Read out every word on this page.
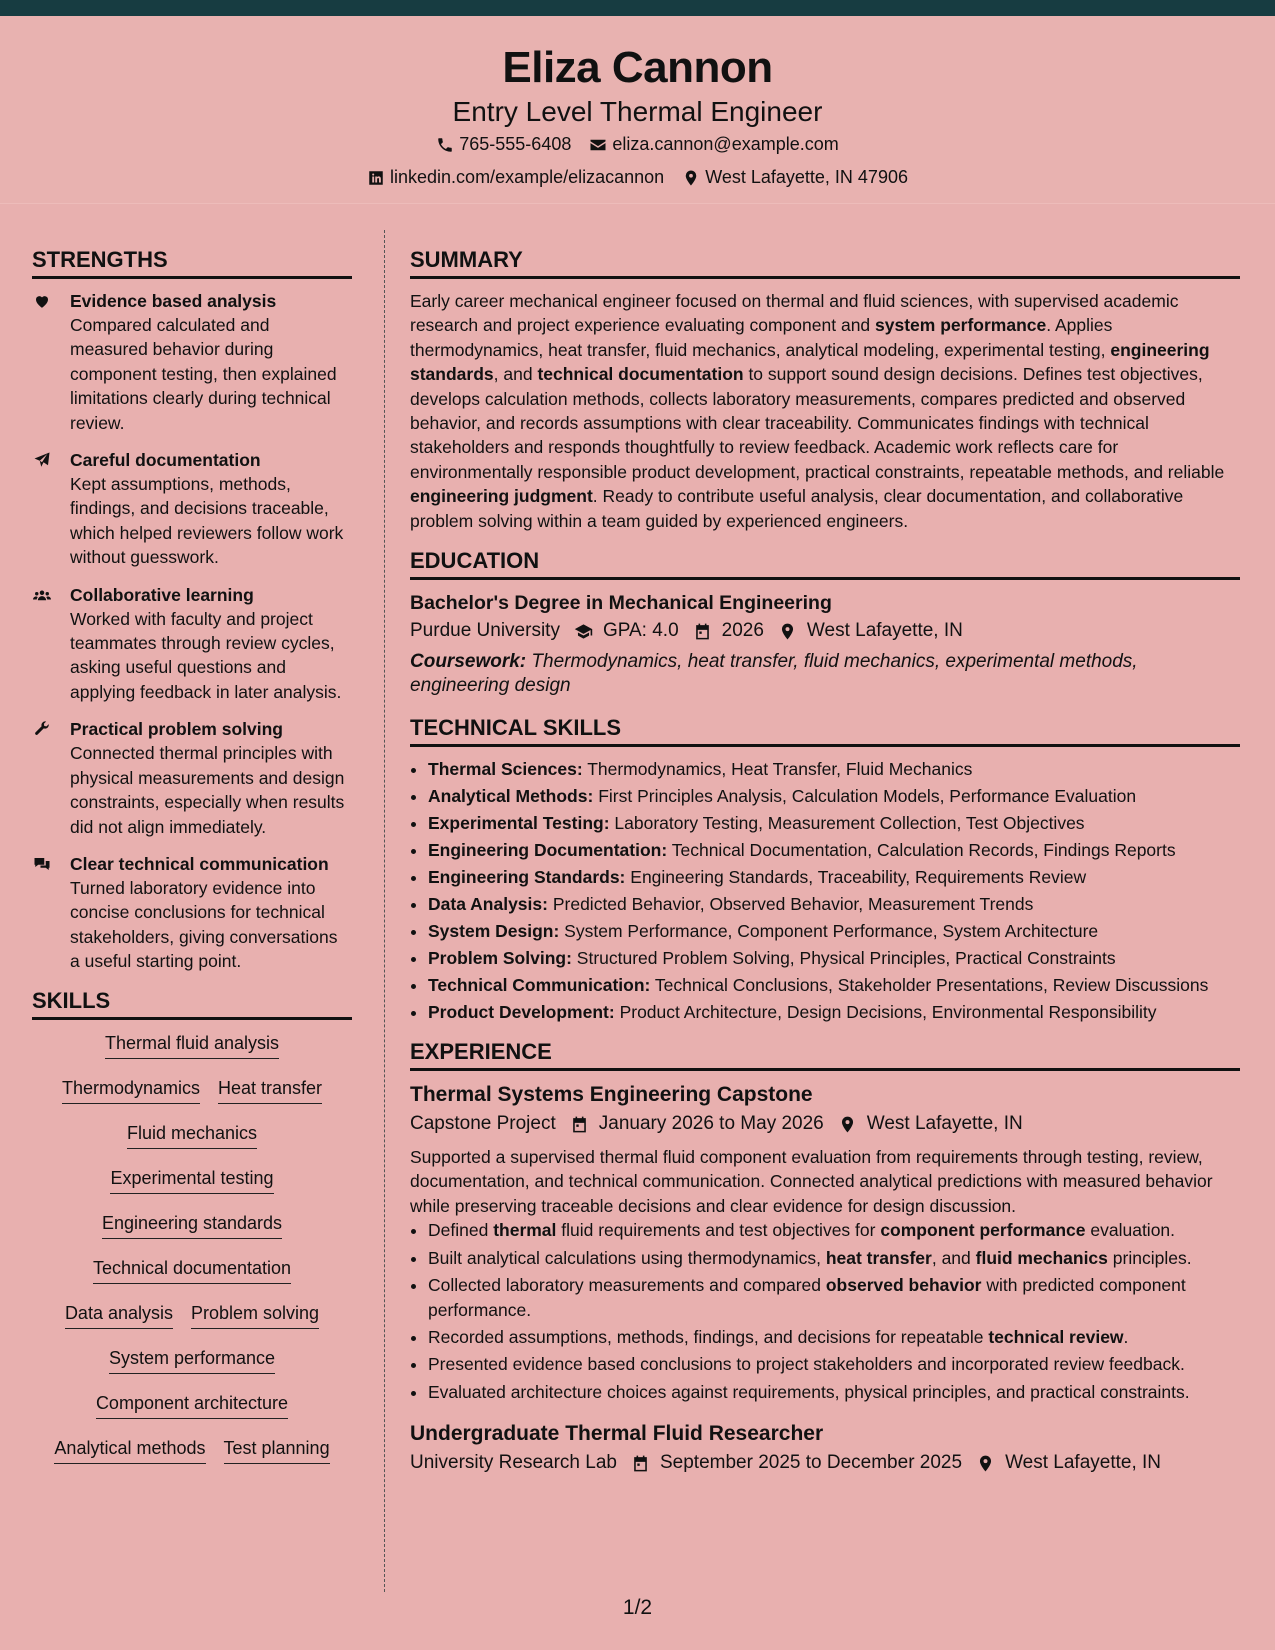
Eliza Cannon
Entry Level Thermal Engineer
765-555-6408 eliza.cannon@example.com
linkedin.com/example/elizacannon West Lafayette, IN 47906
STRENGTHS
Evidence based analysis
Compared calculated and measured behavior during component testing, then explained limitations clearly during technical review.
Careful documentation
Kept assumptions, methods, findings, and decisions traceable, which helped reviewers follow work without guesswork.
Collaborative learning
Worked with faculty and project teammates through review cycles, asking useful questions and applying feedback in later analysis.
Practical problem solving
Connected thermal principles with physical measurements and design constraints, especially when results did not align immediately.
Clear technical communication
Turned laboratory evidence into concise conclusions for technical stakeholders, giving conversations a useful starting point.
SKILLS
Thermal fluid analysis
Thermodynamics Heat transfer
Fluid mechanics
Experimental testing
Engineering standards
Technical documentation
Data analysis Problem solving
System performance
Component architecture
Analytical methods Test planning
SUMMARY

Early career mechanical engineer focused on thermal and fluid sciences, with supervised academic research and project experience evaluating component and system performance. Applies thermodynamics, heat transfer, fluid mechanics, analytical modeling, experimental testing, engineering standards, and technical documentation to support sound design decisions. Defines test objectives, develops calculation methods, collects laboratory measurements, compares predicted and observed behavior, and records assumptions with clear traceability. Communicates findings with technical stakeholders and responds thoughtfully to review feedback. Academic work reflects care for environmentally responsible product development, practical constraints, repeatable methods, and reliable engineering judgment. Ready to contribute useful analysis, clear documentation, and collaborative problem solving within a team guided by experienced engineers.

EDUCATION
Bachelor's Degree in Mechanical Engineering
Purdue University GPA: 4.0 2026 West Lafayette, IN
Coursework: Thermodynamics, heat transfer, fluid mechanics, experimental methods, engineering design
TECHNICAL SKILLS
• Thermal Sciences: Thermodynamics, Heat Transfer, Fluid Mechanics
• Analytical Methods: First Principles Analysis, Calculation Models, Performance Evaluation
• Experimental Testing: Laboratory Testing, Measurement Collection, Test Objectives
• Engineering Documentation: Technical Documentation, Calculation Records, Findings Reports
• Engineering Standards: Engineering Standards, Traceability, Requirements Review
• Data Analysis: Predicted Behavior, Observed Behavior, Measurement Trends
• System Design: System Performance, Component Performance, System Architecture
• Problem Solving: Structured Problem Solving, Physical Principles, Practical Constraints
• Technical Communication: Technical Conclusions, Stakeholder Presentations, Review Discussions
• Product Development: Product Architecture, Design Decisions, Environmental Responsibility
EXPERIENCE
Thermal Systems Engineering Capstone
Capstone Project January 2026 to May 2026 West Lafayette, IN

Supported a supervised thermal fluid component evaluation from requirements through testing, review, documentation, and technical communication. Connected analytical predictions with measured behavior while preserving traceable decisions and clear evidence for design discussion.

• Defined thermal fluid requirements and test objectives for component performance evaluation.
• Built analytical calculations using thermodynamics, heat transfer, and fluid mechanics principles.
• Collected laboratory measurements and compared observed behavior with predicted component performance.
• Recorded assumptions, methods, findings, and decisions for repeatable technical review.
• Presented evidence based conclusions to project stakeholders and incorporated review feedback.
• Evaluated architecture choices against requirements, physical principles, and practical constraints.
Undergraduate Thermal Fluid Researcher
University Research Lab September 2025 to December 2025 West Lafayette, IN
1/2
